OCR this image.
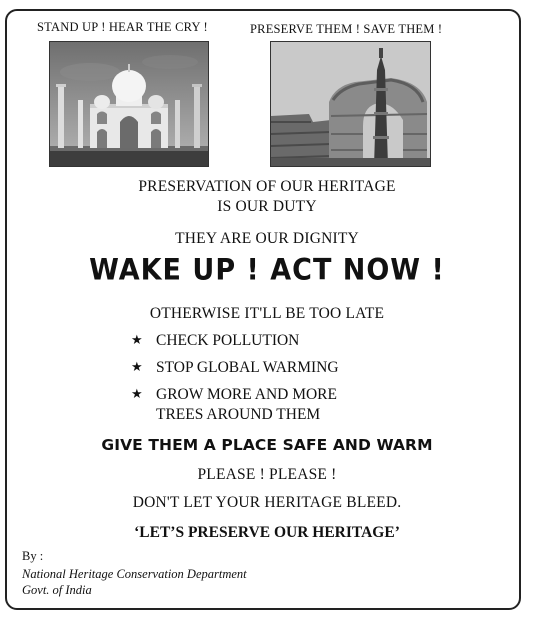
STAND UP ! HEAR THE CRY !	PRESERVE THEM ! SAVE THEM !
PRESERVATION OF OUR HERITAGE
IS OUR DUTY
THEY ARE OUR DIGNITY
WAKE UP ! ACT NOW !
OTHERWISE IT'LL BE TOO LATE
★ CHECK POLLUTION
★ STOP GLOBAL WARMING
★ GROW MORE AND MORE
TREES AROUND THEM
GIVE THEM A PLACE SAFE AND WARM
PLEASE ! PLEASE !
DON'T LET YOUR HERITAGE BLEED.
‘LET’S PRESERVE OUR HERITAGE’
By :
National Heritage Conservation Department
Govt. of India
